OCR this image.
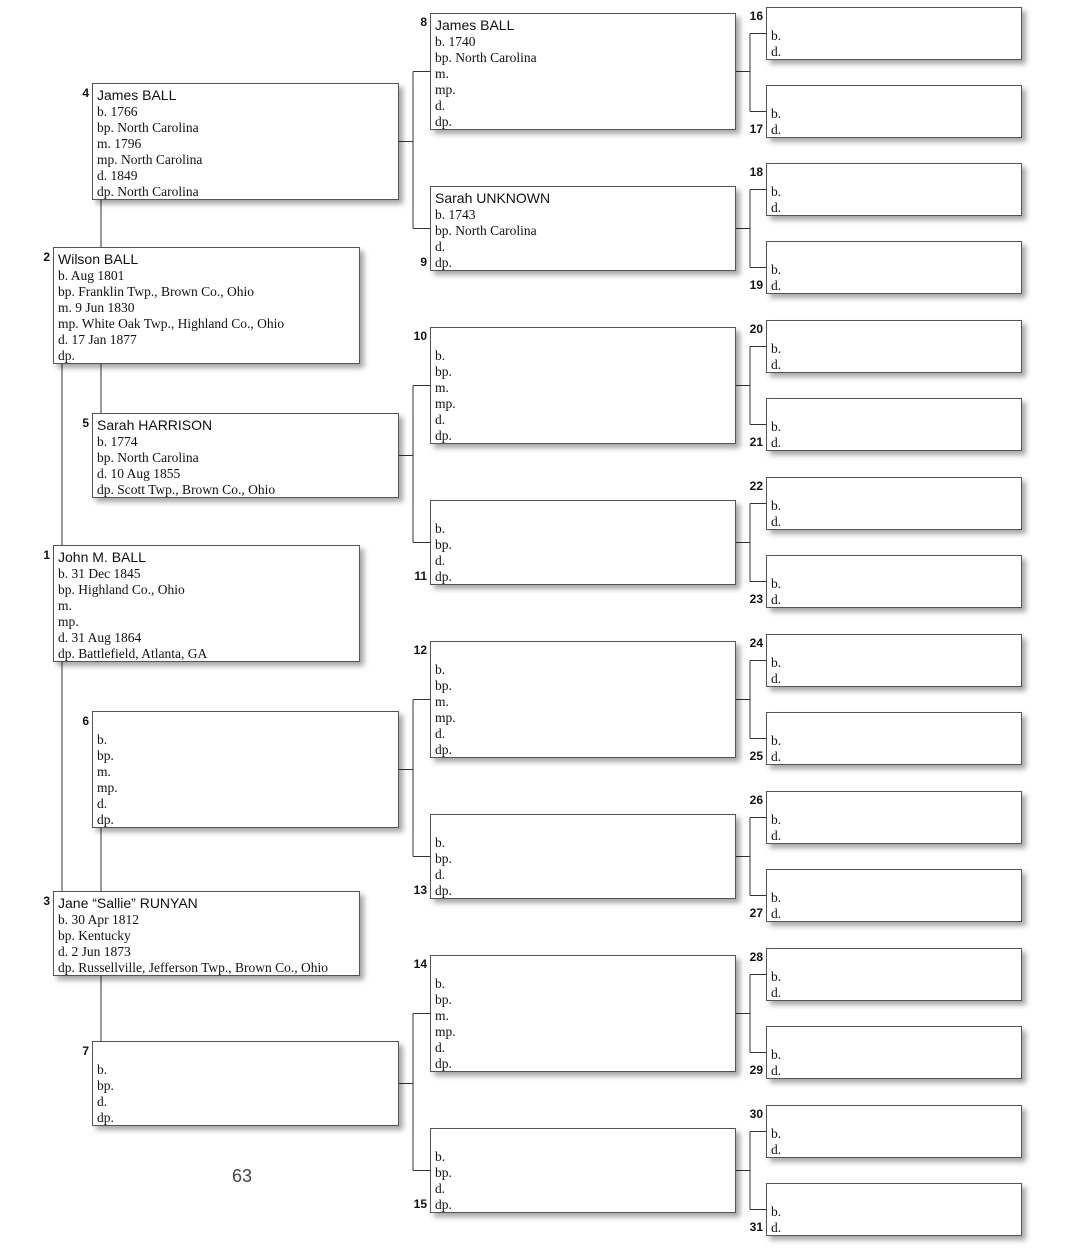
63
John M. BALL
b. 31 Dec 1845
bp. Highland Co., Ohio
m.
mp.
d. 31 Aug 1864
dp. Battlefield, Atlanta, GA
1
Wilson BALL
b. Aug 1801
bp. Franklin Twp., Brown Co., Ohio
m. 9 Jun 1830
mp. White Oak Twp., Highland Co., Ohio
d. 17 Jan 1877
dp.
2
Jane “Sallie” RUNYAN
b. 30 Apr 1812
bp. Kentucky
d. 2 Jun 1873
dp. Russellville, Jefferson Twp., Brown Co., Ohio
3
James BALL
b. 1766
bp. North Carolina
m. 1796
mp. North Carolina
d. 1849
dp. North Carolina
4
Sarah HARRISON
b. 1774
bp. North Carolina
d. 10 Aug 1855
dp. Scott Twp., Brown Co., Ohio
5
b.
bp.
m.
mp.
d.
dp.
6
b.
bp.
d.
dp.
7
James BALL
b. 1740
bp. North Carolina
m.
mp.
d.
dp.
8
Sarah UNKNOWN
b. 1743
bp. North Carolina
d.
dp.
9
b.
bp.
m.
mp.
d.
dp.
10
b.
bp.
d.
dp.
11
b.
bp.
m.
mp.
d.
dp.
12
b.
bp.
d.
dp.
13
b.
bp.
m.
mp.
d.
dp.
14
b.
bp.
d.
dp.
15
b.
d.
16
b.
d.
17
b.
d.
18
b.
d.
19
b.
d.
20
b.
d.
21
b.
d.
22
b.
d.
23
b.
d.
24
b.
d.
25
b.
d.
26
b.
d.
27
b.
d.
28
b.
d.
29
b.
d.
30
b.
d.
31
